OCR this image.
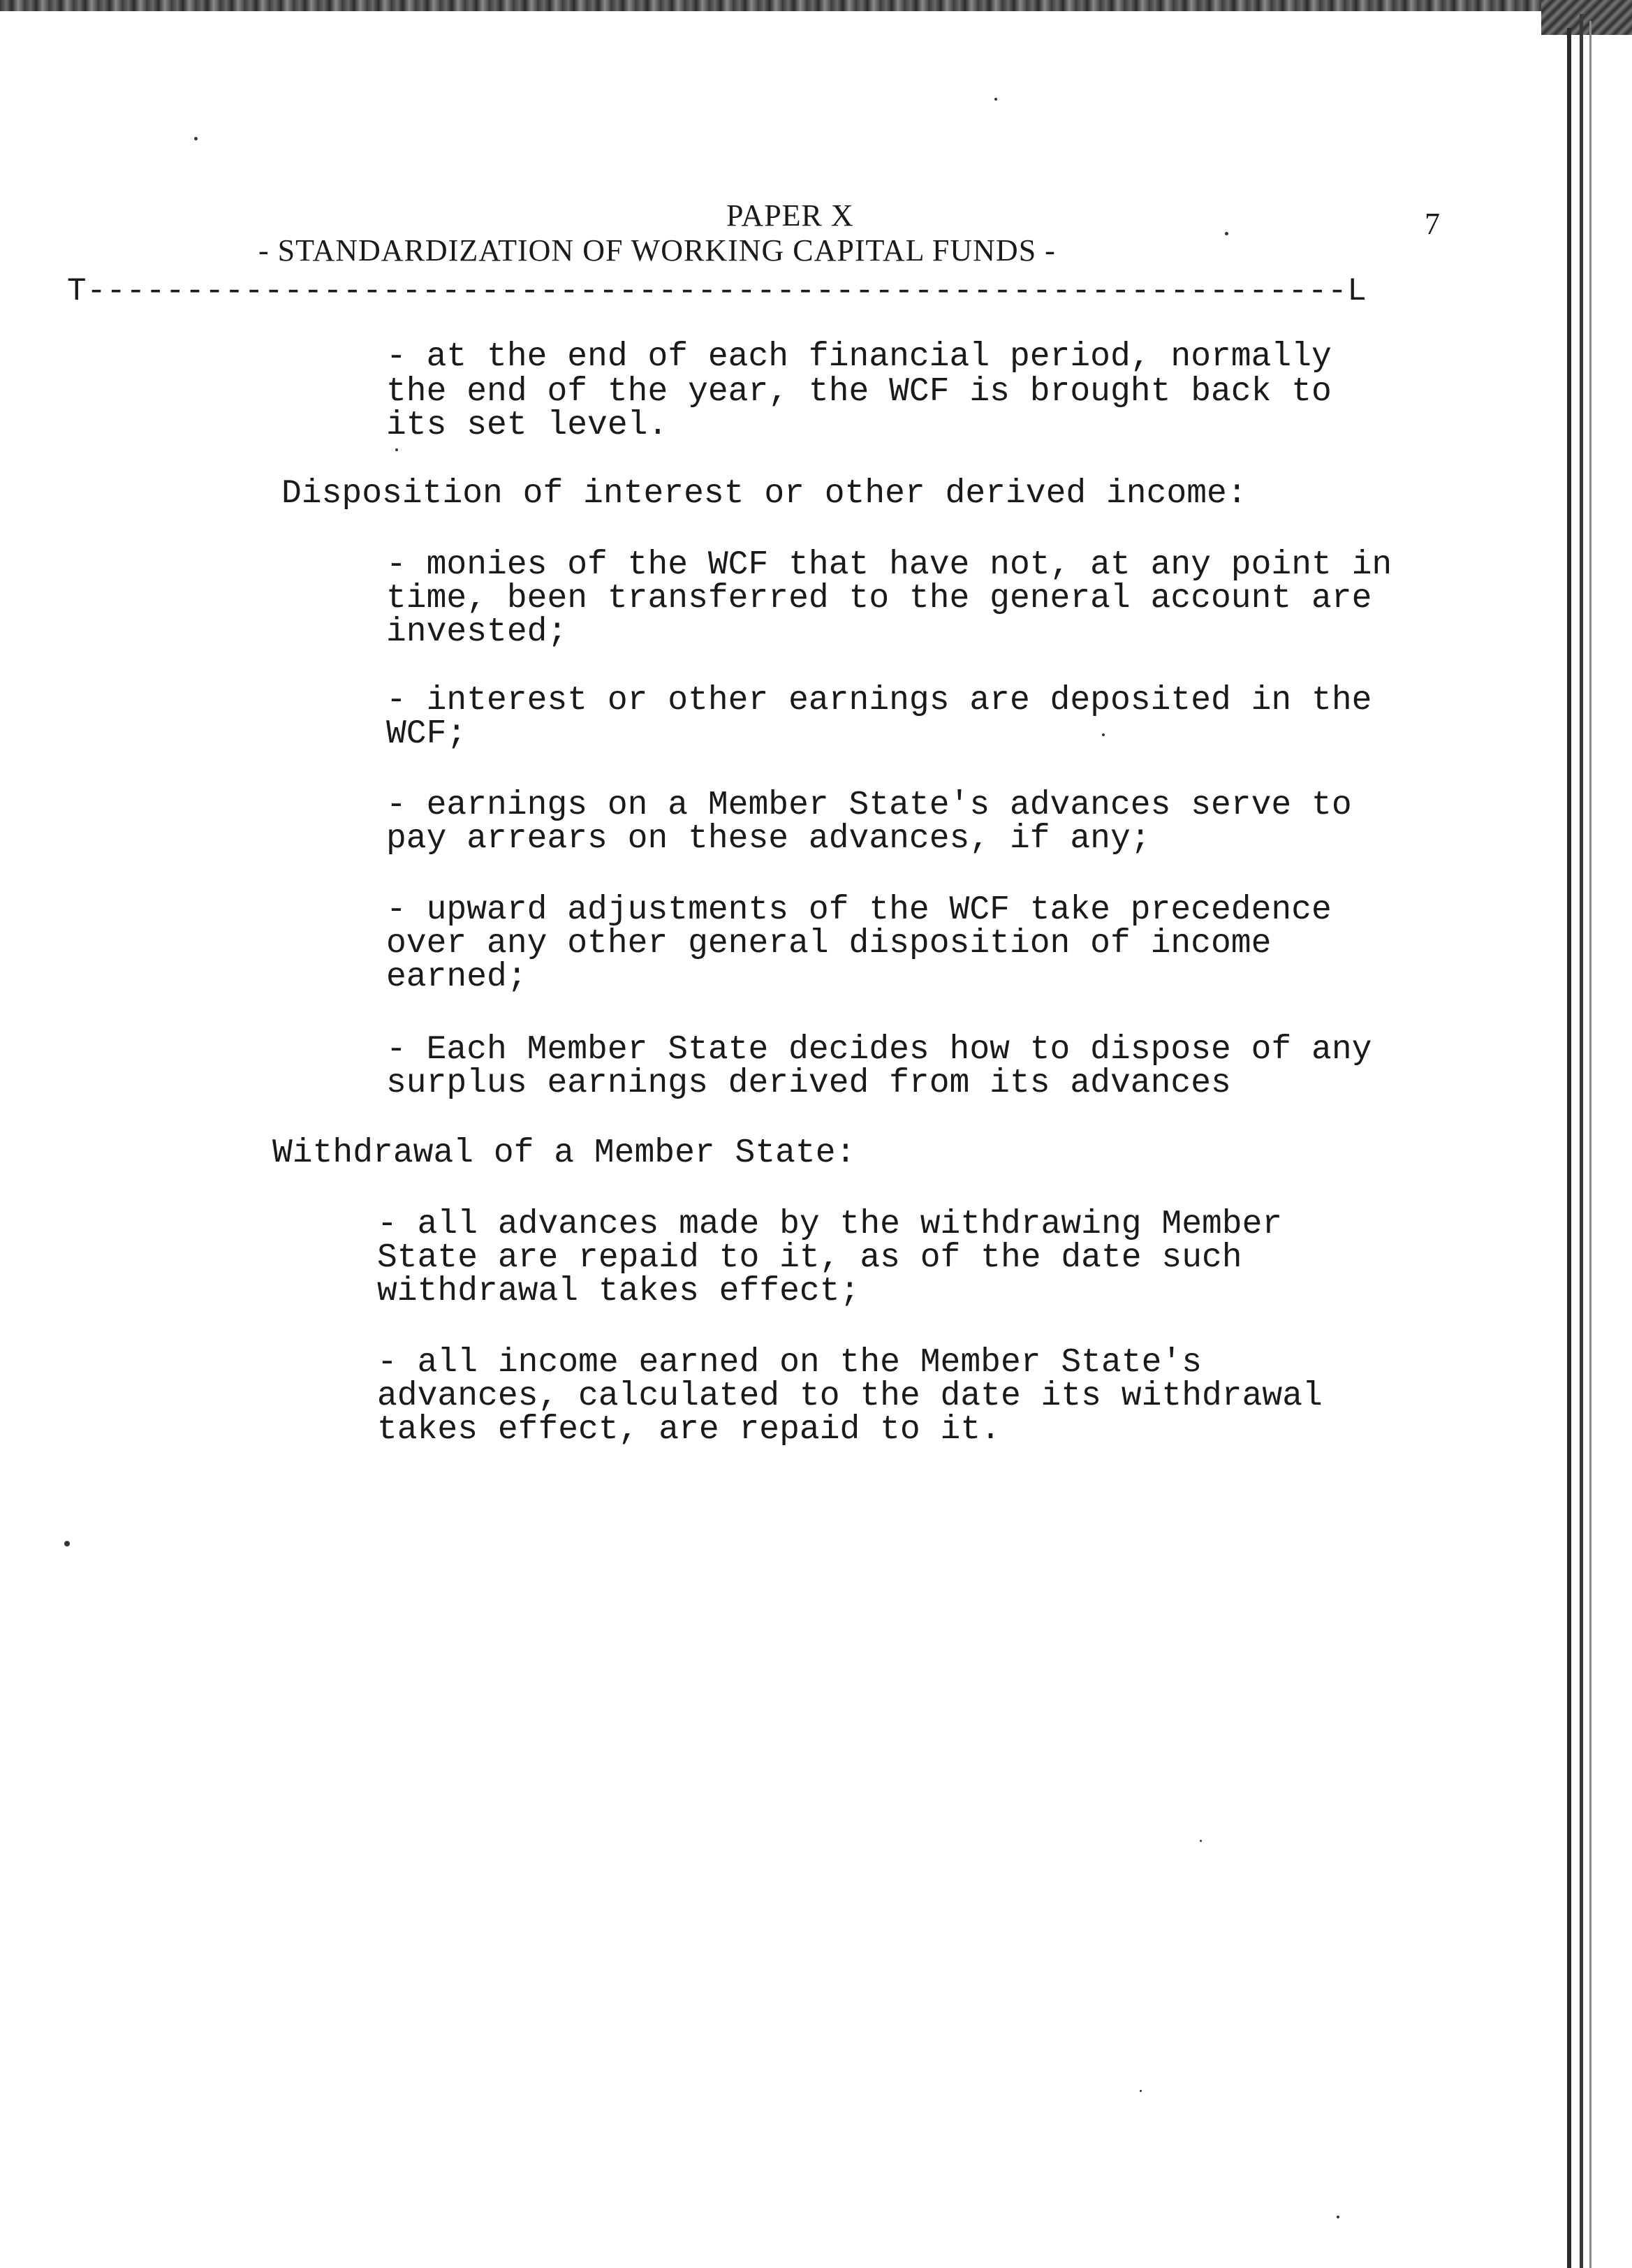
PAPER X	7
- STANDARDIZATION OF WORKING CAPITAL FUNDS -
T----------------------------------------------------------------L
- at the end of each financial period, normally
the end of the year, the WCF is brought back to
its set level.
Disposition of interest or other derived income:
- monies of the WCF that have not, at any point in
time, been transferred to the general account are
invested;
- interest or other earnings are deposited in the
WCF;
- earnings on a Member State's advances serve to
pay arrears on these advances, if any;
- upward adjustments of the WCF take precedence
over any other general disposition of income
earned;
- Each Member State decides how to dispose of any
surplus earnings derived from its advances
Withdrawal of a Member State:
- all advances made by the withdrawing Member
State are repaid to it, as of the date such
withdrawal takes effect;
- all income earned on the Member State's
advances, calculated to the date its withdrawal
takes effect, are repaid to it.
